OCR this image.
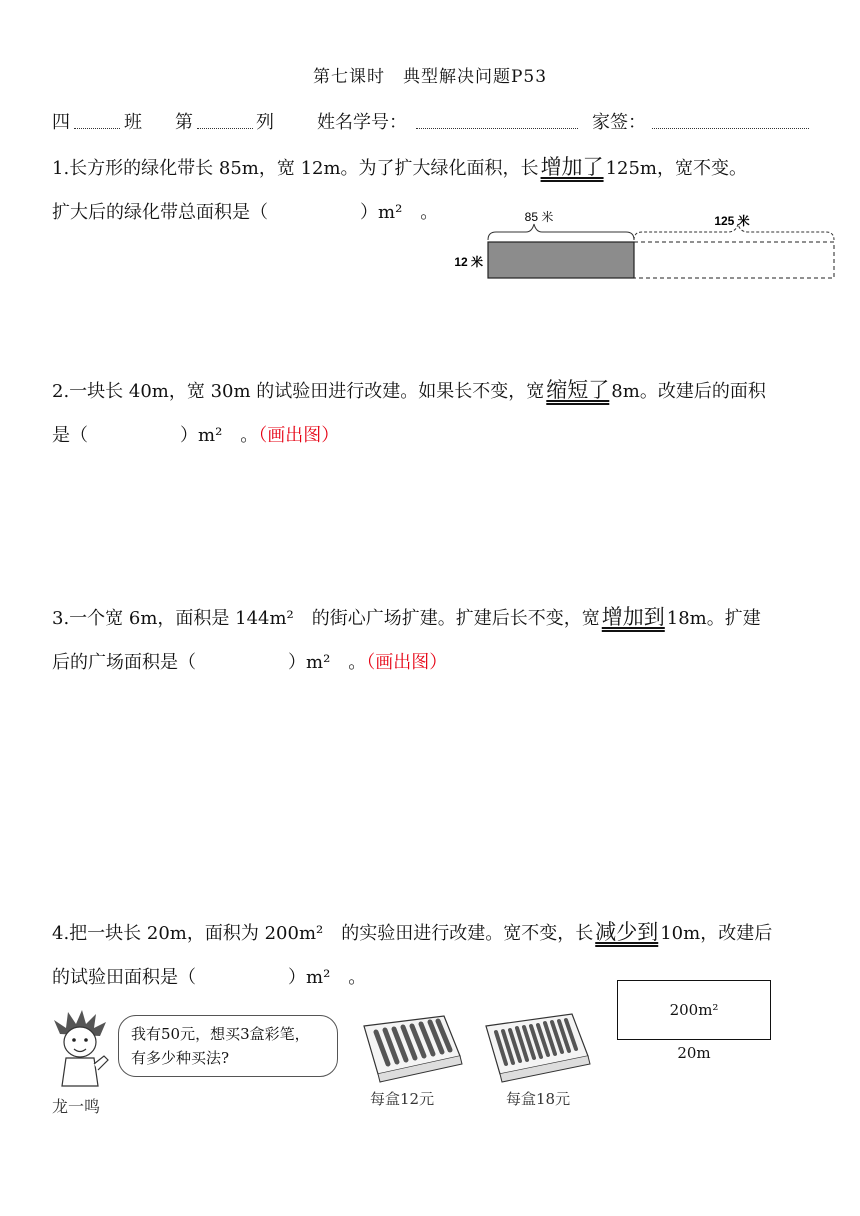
第七课时　典型解决问题P53
四	班 第	列 姓名学号：	家签：
1.长方形的绿化带长 85m，宽 12m。为了扩大绿化面积，长增加了 125m，宽不变。
扩大后的绿化带总面积是（	）m²　。	85 米	125 米
12 米
2.一块长 40m，宽 30m 的试验田进行改建。如果长不变，宽缩短了 8m。改建后的面积
是（	）m²　。（画出图）
3.一个宽 6m，面积是 144m²　的街心广场扩建。扩建后长不变，宽增加到 18m。扩建
后的广场面积是（	）m²　。（画出图）
4.把一块长 20m，面积为 200m²　的实验田进行改建。宽不变，长减少到 10m，改建后
的试验田面积是（	）m²　。
200m²
20m
龙一鸣
我有50元，想买3盒彩笔，
有多少种买法?
每盒12元	每盒18元
